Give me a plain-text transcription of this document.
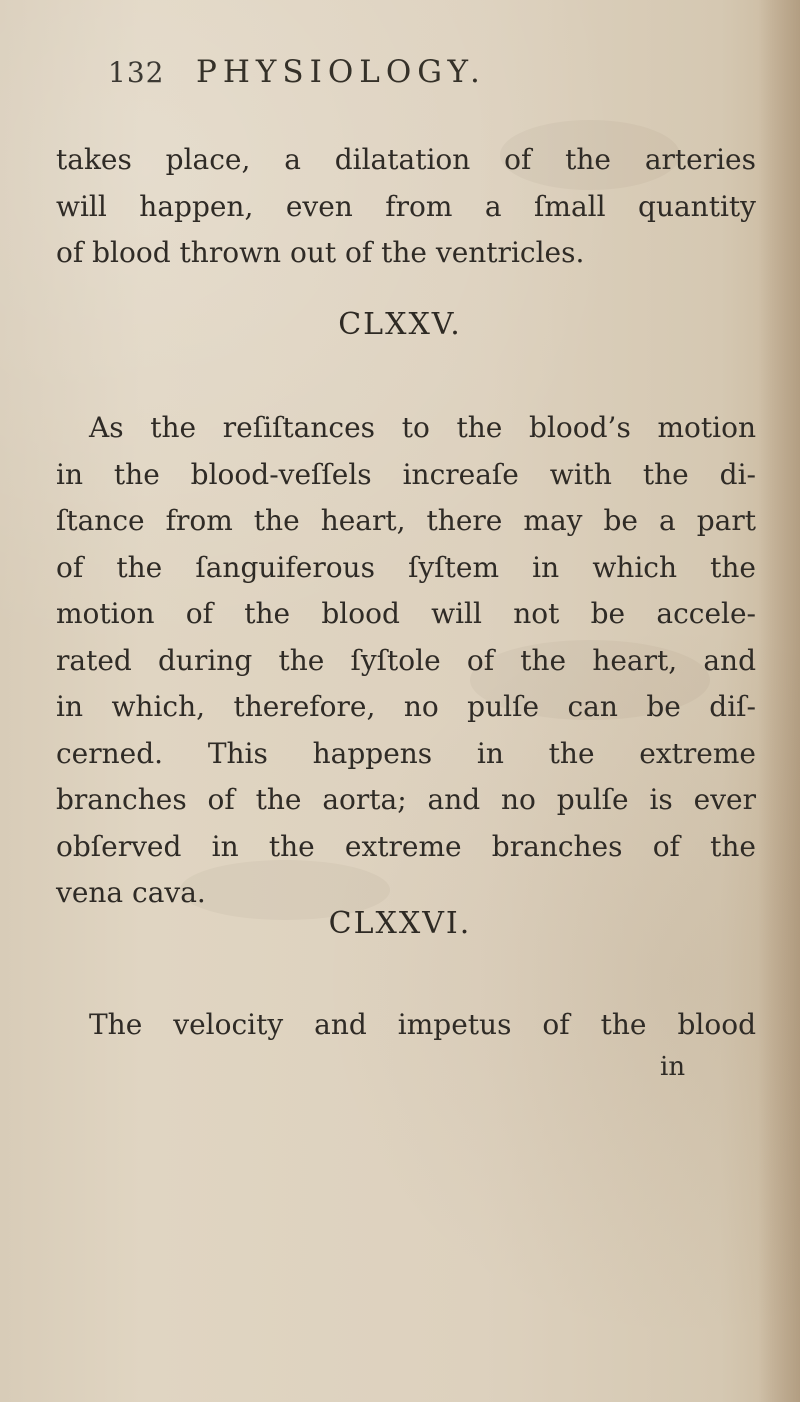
132 PHYSIOLOGY.
takes place, a dilatation of the arteries
will happen, even from a ſmall quantity
of blood thrown out of the ventricles.
CLXXV.
As the reſiſtances to the blood’s motion
in the blood-veſſels increaſe with the di-
ſtance from the heart, there may be a part
of the ſanguiferous ſyſtem in which the
motion of the blood will not be accele-
rated during the ſyſtole of the heart, and
in which, therefore, no pulſe can be diſ-
cerned. This happens in the extreme
branches of the aorta; and no pulſe is ever
obſerved in the extreme branches of the
vena cava.
CLXXVI.
The velocity and impetus of the blood
in
